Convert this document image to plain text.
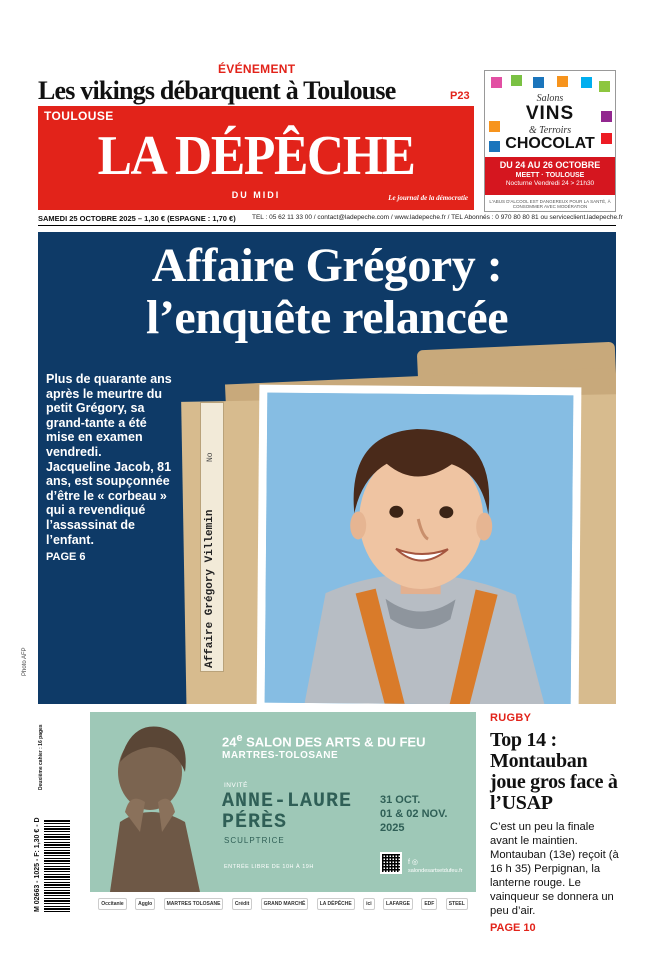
ÉVÉNEMENT
Les vikings débarquent à Toulouse	P23
TOULOUSE
LA DÉPÊCHE
DU MIDI	Le journal de la démocratie
Salons
VINS
& Terroirs
CHOCOLAT
DU 24 AU 26 OCTOBRE
MEETT · TOULOUSE
Nocturne Vendredi 24 > 21h30
L'ABUS D'ALCOOL EST DANGEREUX POUR LA SANTÉ, À CONSOMMER AVEC MODÉRATION
SAMEDI 25 OCTOBRE 2025 – 1,30 € (ESPAGNE : 1,70 €)	TEL : 05 62 11 33 00 / contact@ladepeche.com / www.ladepeche.fr / TEL Abonnés : 0 970 80 80 81 ou serviceclient.ladepeche.fr
Affaire Grégory :
l’enquête relancée

Plus de quarante ans après le meurtre du petit Grégory, sa grand-tante a été mise en examen vendredi.

Jacqueline Jacob, 81 ans, est soupçonnée d’être le « corbeau » qui a revendiqué l’assassinat de l’enfant.

PAGE 6
No
Affaire Grégory Villemin
Photo AFP
24e SALON DES ARTS & DU FEU
MARTRES-TOLOSANE
INVITÉ
ANNE-LAURE
PÉRÈS
SCULPTRICE
ENTRÉE LIBRE DE 10H À 19H
31 OCT.
01 & 02 NOV.
2025
f ◎
salondesartsetdufeu.fr
Occitanie	Agglo	MARTRES TOLOSANE	Crédit	GRAND MARCHÉ	LA DÉPÊCHE	ici	LAFARGE	EDF	STEEL
Deuxième cahier : 16 pages
M 02663 - 1025 - F: 1,30 € - D
RUGBY
Top 14 : Montauban joue gros face à l’USAP
C’est un peu la finale avant le maintien. Montauban (13e) reçoit (à 16 h 35) Perpignan, la lanterne rouge. Le vainqueur se donnera un peu d’air.
PAGE 10
